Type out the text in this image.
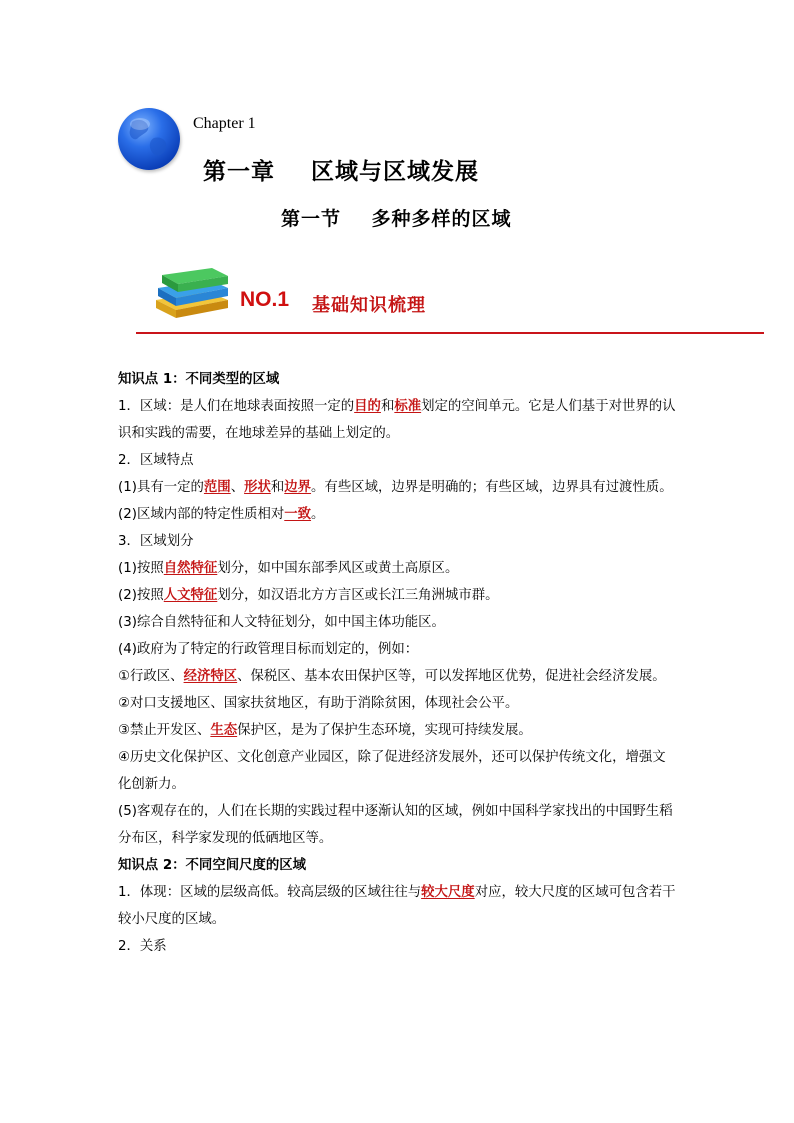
Chapter 1
第一章    区域与区域发展
第一节    多种多样的区域
NO.1 基础知识梳理

知识点 1：不同类型的区域

1．区域：是人们在地球表面按照一定的目的和标准划定的空间单元。它是人们基于对世界的认识和实践的需要，在地球差异的基础上划定的。

2．区域特点

(1)具有一定的范围、形状和边界。有些区域，边界是明确的；有些区域，边界具有过渡性质。

(2)区域内部的特定性质相对一致。

3．区域划分

(1)按照自然特征划分，如中国东部季风区或黄土高原区。

(2)按照人文特征划分，如汉语北方方言区或长江三角洲城市群。

(3)综合自然特征和人文特征划分，如中国主体功能区。

(4)政府为了特定的行政管理目标而划定的，例如：

①行政区、经济特区、保税区、基本农田保护区等，可以发挥地区优势，促进社会经济发展。

②对口支援地区、国家扶贫地区，有助于消除贫困，体现社会公平。

③禁止开发区、生态保护区，是为了保护生态环境，实现可持续发展。

④历史文化保护区、文化创意产业园区，除了促进经济发展外，还可以保护传统文化，增强文化创新力。

(5)客观存在的，人们在长期的实践过程中逐渐认知的区域，例如中国科学家找出的中国野生稻分布区，科学家发现的低硒地区等。

知识点 2：不同空间尺度的区域

1．体现：区域的层级高低。较高层级的区域往往与较大尺度对应，较大尺度的区域可包含若干较小尺度的区域。

2．关系
